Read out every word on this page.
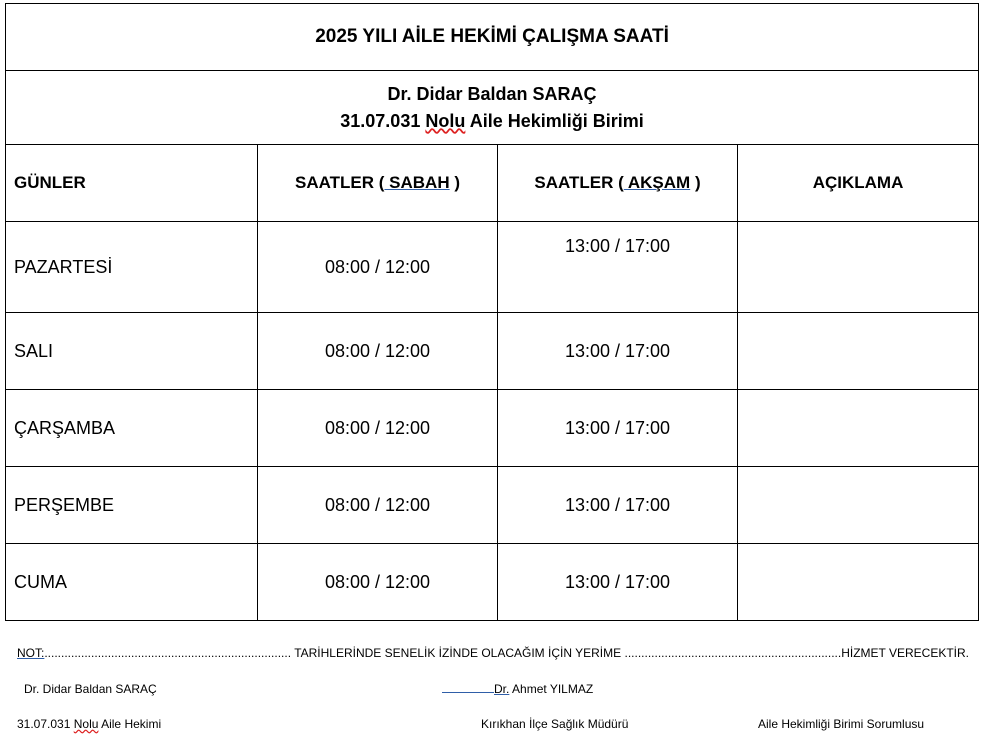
2025 YILI AİLE HEKİMİ ÇALIŞMA SAATİ			

Dr. Didar Baldan SARAÇ
31.07.031 Nolu Aile Hekimliği Birimi			

GÜNLER	SAATLER ( SABAH )	SAATLER ( AKŞAM )	AÇIKLAMA
PAZARTESİ	08:00 / 12:00	13:00 / 17:00	
SALI	08:00 / 12:00	13:00 / 17:00	
ÇARŞAMBA	08:00 / 12:00	13:00 / 17:00	
PERŞEMBE	08:00 / 12:00	13:00 / 17:00	
CUMA	08:00 / 12:00	13:00 / 17:00	
NOT:.......................................................................... TARİHLERİNDE SENELİK İZİNDE OLACAĞIM İÇİN YERİME .................................................................HİZMET VERECEKTİR.
Dr. Didar Baldan SARAÇ	Dr. Ahmet YILMAZ
31.07.031 Nolu Aile Hekimi	Kırıkhan İlçe Sağlık Müdürü	Aile Hekimliği Birimi Sorumlusu
